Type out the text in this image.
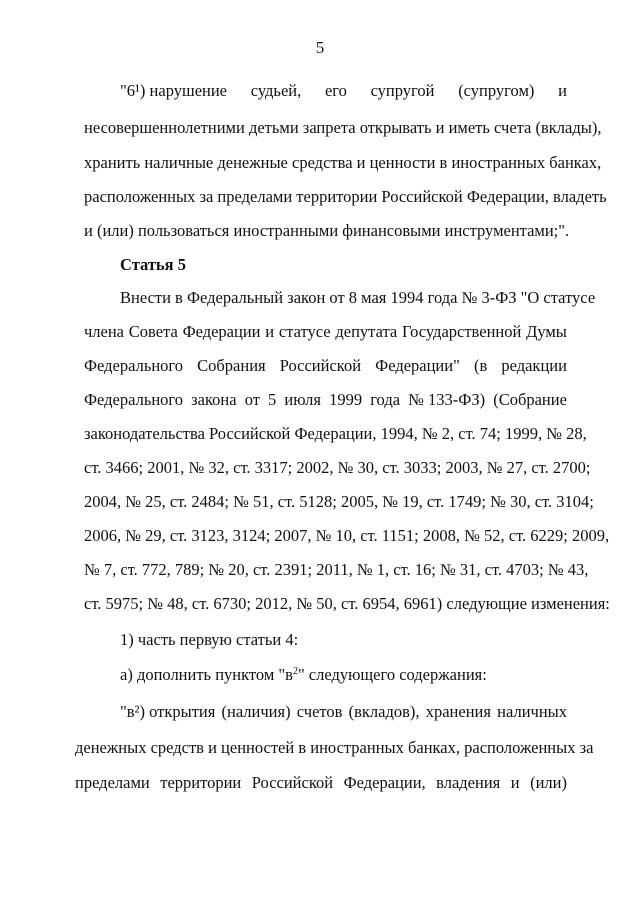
5
"6¹) нарушение судьей, его супругой (супругом) и
несовершеннолетними детьми запрета открывать и иметь счета (вклады),
хранить наличные денежные средства и ценности в иностранных банках,
расположенных за пределами территории Российской Федерации, владеть
и (или) пользоваться иностранными финансовыми инструментами;".
Статья 5
Внести в Федеральный закон от 8 мая 1994 года № 3-ФЗ "О статусе
члена Совета Федерации и статусе депутата Государственной Думы
Федерального Собрания Российской Федерации" (в редакции
Федерального закона от 5 июля 1999 года № 133-ФЗ) (Собрание
законодательства Российской Федерации, 1994, № 2, ст. 74; 1999, № 28,
ст. 3466; 2001, № 32, ст. 3317; 2002, № 30, ст. 3033; 2003, № 27, ст. 2700;
2004, № 25, ст. 2484; № 51, ст. 5128; 2005, № 19, ст. 1749; № 30, ст. 3104;
2006, № 29, ст. 3123, 3124; 2007, № 10, ст. 1151; 2008, № 52, ст. 6229; 2009,
№ 7, ст. 772, 789; № 20, ст. 2391; 2011, № 1, ст. 16; № 31, ст. 4703; № 43,
ст. 5975; № 48, ст. 6730; 2012, № 50, ст. 6954, 6961) следующие изменения:
1) часть первую статьи 4:
а) дополнить пунктом "$в^2$" следующего содержания:
"в²) открытия (наличия) счетов (вкладов), хранения наличных
денежных средств и ценностей в иностранных банках, расположенных за
пределами территории Российской Федерации, владения и (или)
